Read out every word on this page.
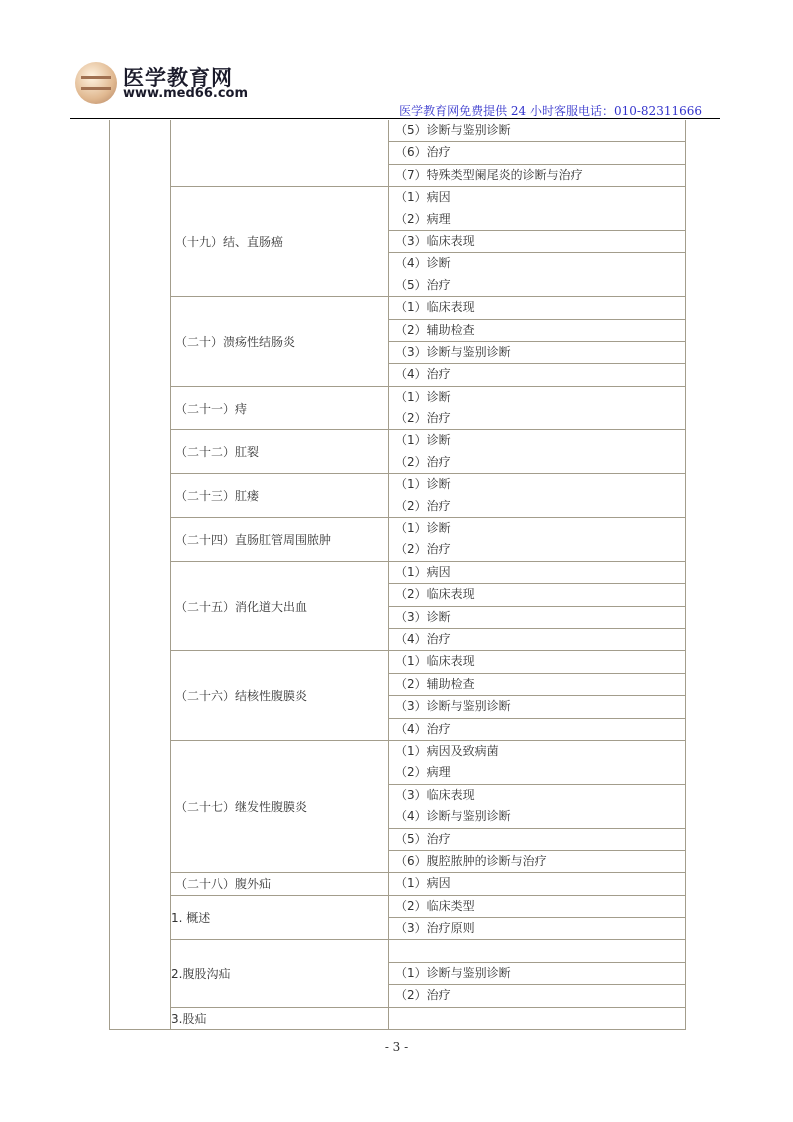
医学教育网
www.med66.com
医学教育网免费提供 24 小时客服电话：010-82311666
（5）诊断与鉴别诊断
（6）治疗
（7）特殊类型阑尾炎的诊断与治疗
（十九）结、直肠癌
（1）病因
（2）病理
（3）临床表现
（4）诊断
（5）治疗
（二十）溃疡性结肠炎
（1）临床表现
（2）辅助检查
（3）诊断与鉴别诊断
（4）治疗
（二十一）痔
（1）诊断
（2）治疗
（二十二）肛裂
（1）诊断
（2）治疗
（二十三）肛瘘
（1）诊断
（2）治疗
（二十四）直肠肛管周围脓肿
（1）诊断
（2）治疗
（二十五）消化道大出血
（1）病因
（2）临床表现
（3）诊断
（4）治疗
（二十六）结核性腹膜炎
（1）临床表现
（2）辅助检查
（3）诊断与鉴别诊断
（4）治疗
（二十七）继发性腹膜炎
（1）病因及致病菌
（2）病理
（3）临床表现
（4）诊断与鉴别诊断
（5）治疗
（6）腹腔脓肿的诊断与治疗
（二十八）腹外疝	（1）病因
1. 概述
（2）临床类型
（3）治疗原则
2.腹股沟疝	（1）诊断与鉴别诊断
（2）治疗
3.股疝
- 3 -
